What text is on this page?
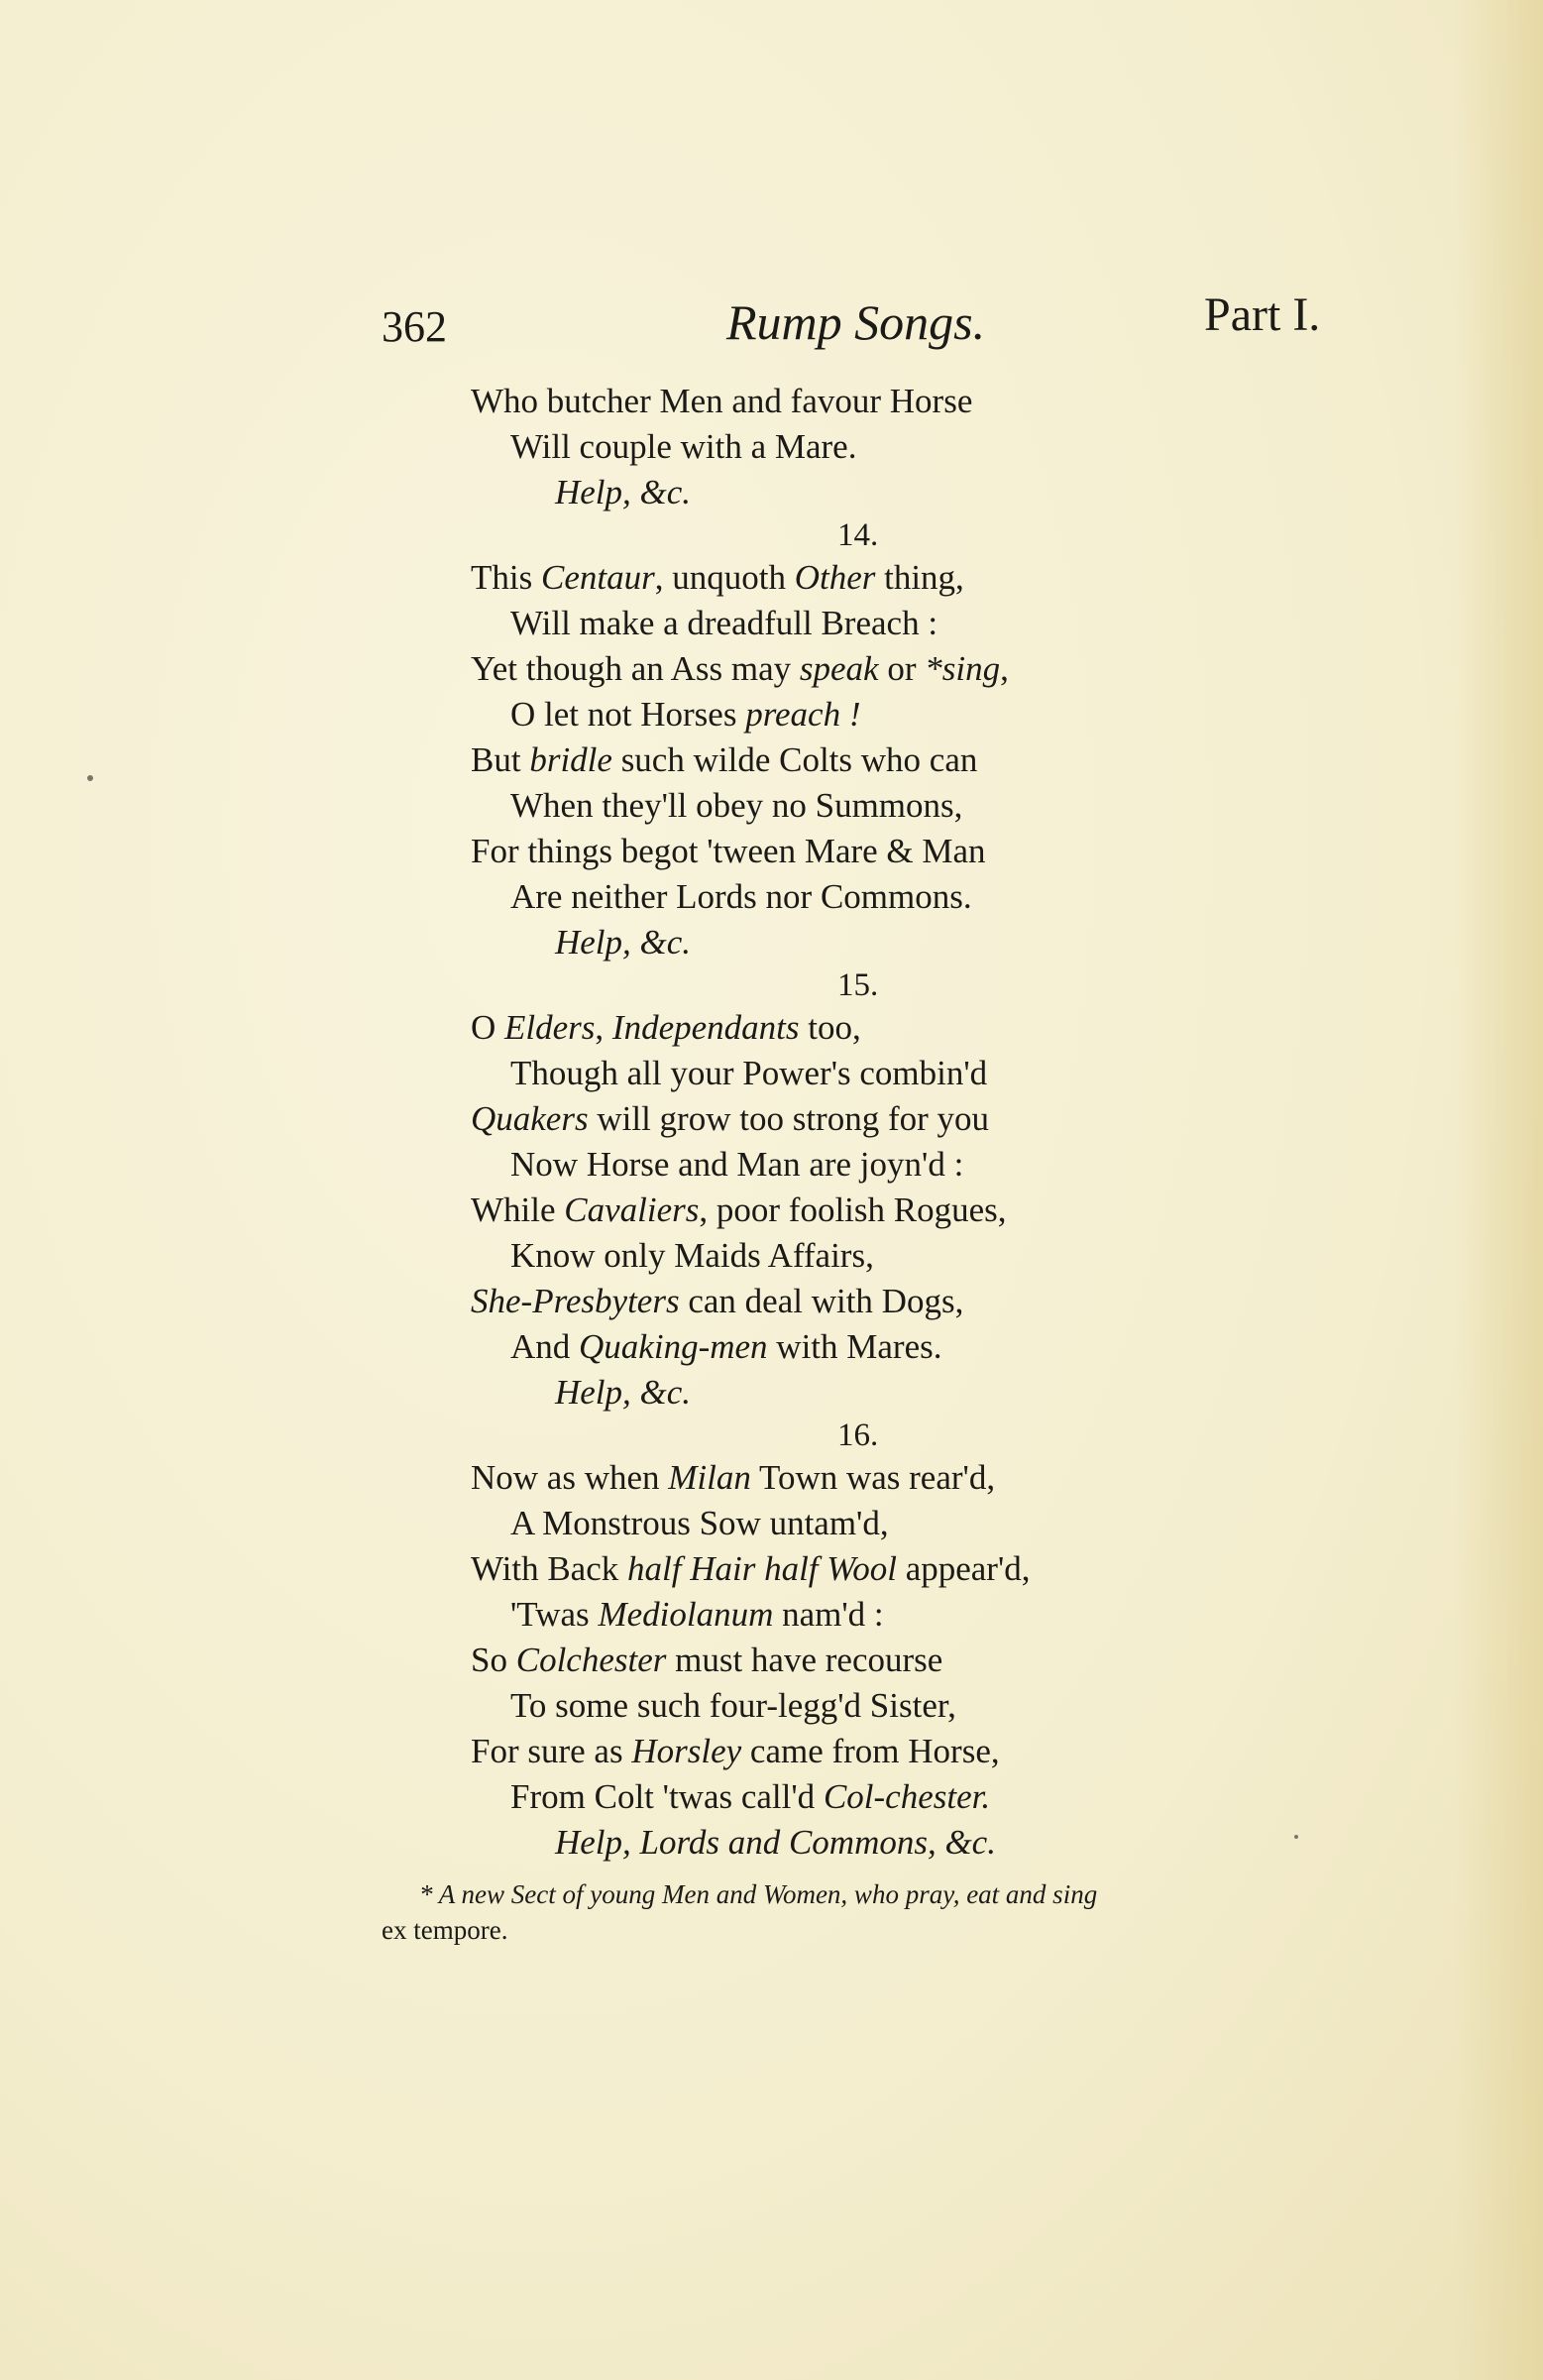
362	Rump Songs.	Part I.
Who butcher Men and favour Horse
Will couple with a Mare.
Help, &c.
14.
This Centaur, unquoth Other thing,
Will make a dreadfull Breach :
Yet though an Ass may speak or *sing,
O let not Horses preach !
But bridle such wilde Colts who can
When they'll obey no Summons,
For things begot 'tween Mare & Man
Are neither Lords nor Commons.
Help, &c.
15.
O Elders, Independants too,
Though all your Power's combin'd
Quakers will grow too strong for you
Now Horse and Man are joyn'd :
While Cavaliers, poor foolish Rogues,
Know only Maids Affairs,
She-Presbyters can deal with Dogs,
And Quaking-men with Mares.
Help, &c.
16.
Now as when Milan Town was rear'd,
A Monstrous Sow untam'd,
With Back half Hair half Wool appear'd,
'Twas Mediolanum nam'd :
So Colchester must have recourse
To some such four-legg'd Sister,
For sure as Horsley came from Horse,
From Colt 'twas call'd Col-chester.
Help, Lords and Commons, &c.
* A new Sect of young Men and Women, who pray, eat and sing
ex tempore.
